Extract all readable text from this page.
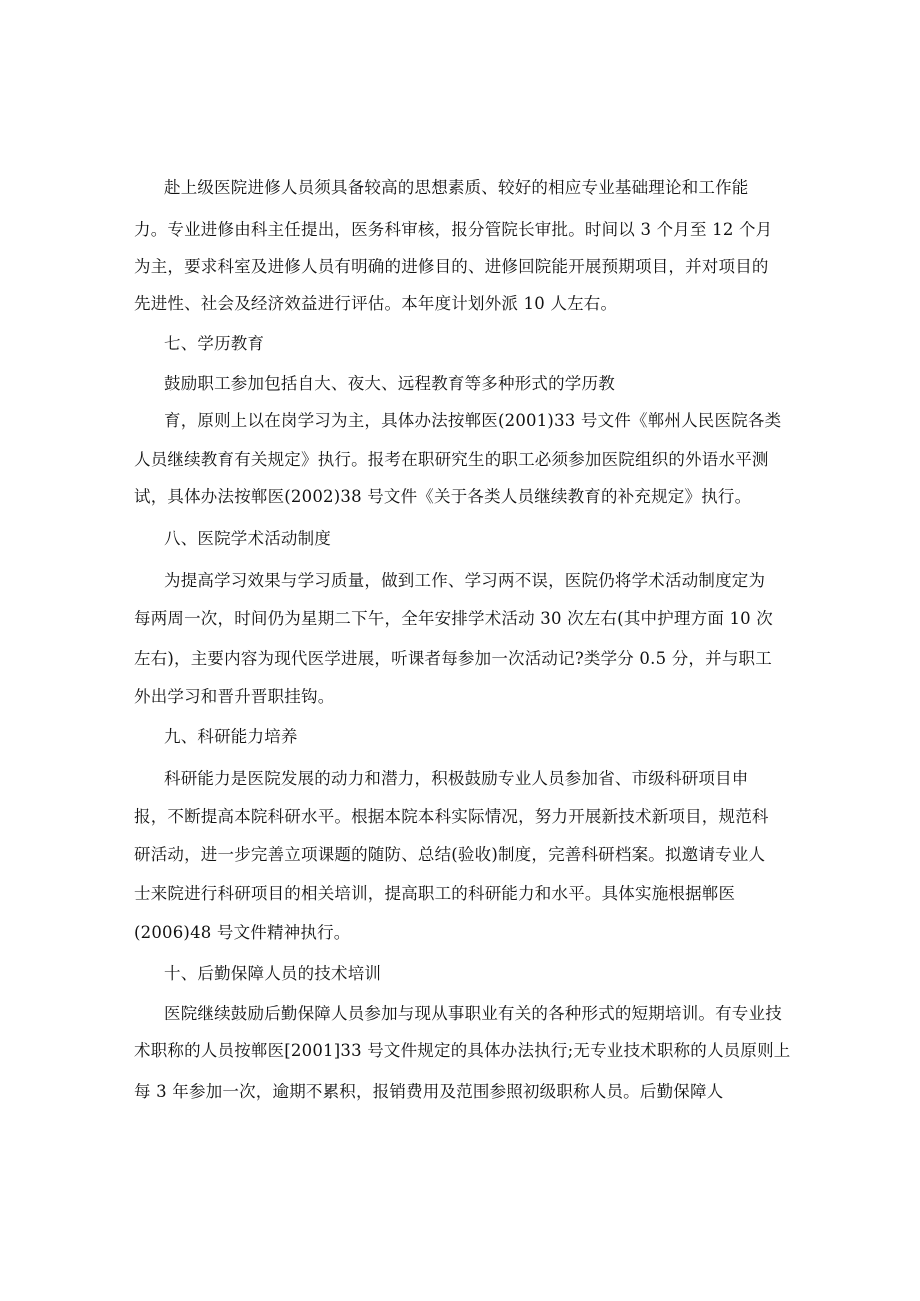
赴上级医院进修人员须具备较高的思想素质、较好的相应专业基础理论和工作能
力。专业进修由科主任提出，医务科审核，报分管院长审批。时间以 3 个月至 12 个月
为主，要求科室及进修人员有明确的进修目的、进修回院能开展预期项目，并对项目的
先进性、社会及经济效益进行评估。本年度计划外派 10 人左右。
七、学历教育
鼓励职工参加包括自大、夜大、远程教育等多种形式的学历教
育，原则上以在岗学习为主，具体办法按郸医(2001)33 号文件《郸州人民医院各类
人员继续教育有关规定》执行。报考在职研究生的职工必须参加医院组织的外语水平测
试，具体办法按郸医(2002)38 号文件《关于各类人员继续教育的补充规定》执行。
八、医院学术活动制度
为提高学习效果与学习质量，做到工作、学习两不误，医院仍将学术活动制度定为
每两周一次，时间仍为星期二下午，全年安排学术活动 30 次左右(其中护理方面 10 次
左右)，主要内容为现代医学进展，听课者每参加一次活动记?类学分 0.5 分，并与职工
外出学习和晋升晋职挂钩。
九、科研能力培养
科研能力是医院发展的动力和潜力，积极鼓励专业人员参加省、市级科研项目申
报，不断提高本院科研水平。根据本院本科实际情况，努力开展新技术新项目，规范科
研活动，进一步完善立项课题的随防、总结(验收)制度，完善科研档案。拟邀请专业人
士来院进行科研项目的相关培训，提高职工的科研能力和水平。具体实施根据郸医
(2006)48 号文件精神执行。
十、后勤保障人员的技术培训
医院继续鼓励后勤保障人员参加与现从事职业有关的各种形式的短期培训。有专业技
术职称的人员按郸医[2001]33 号文件规定的具体办法执行;无专业技术职称的人员原则上
每 3 年参加一次，逾期不累积，报销费用及范围参照初级职称人员。后勤保障人
